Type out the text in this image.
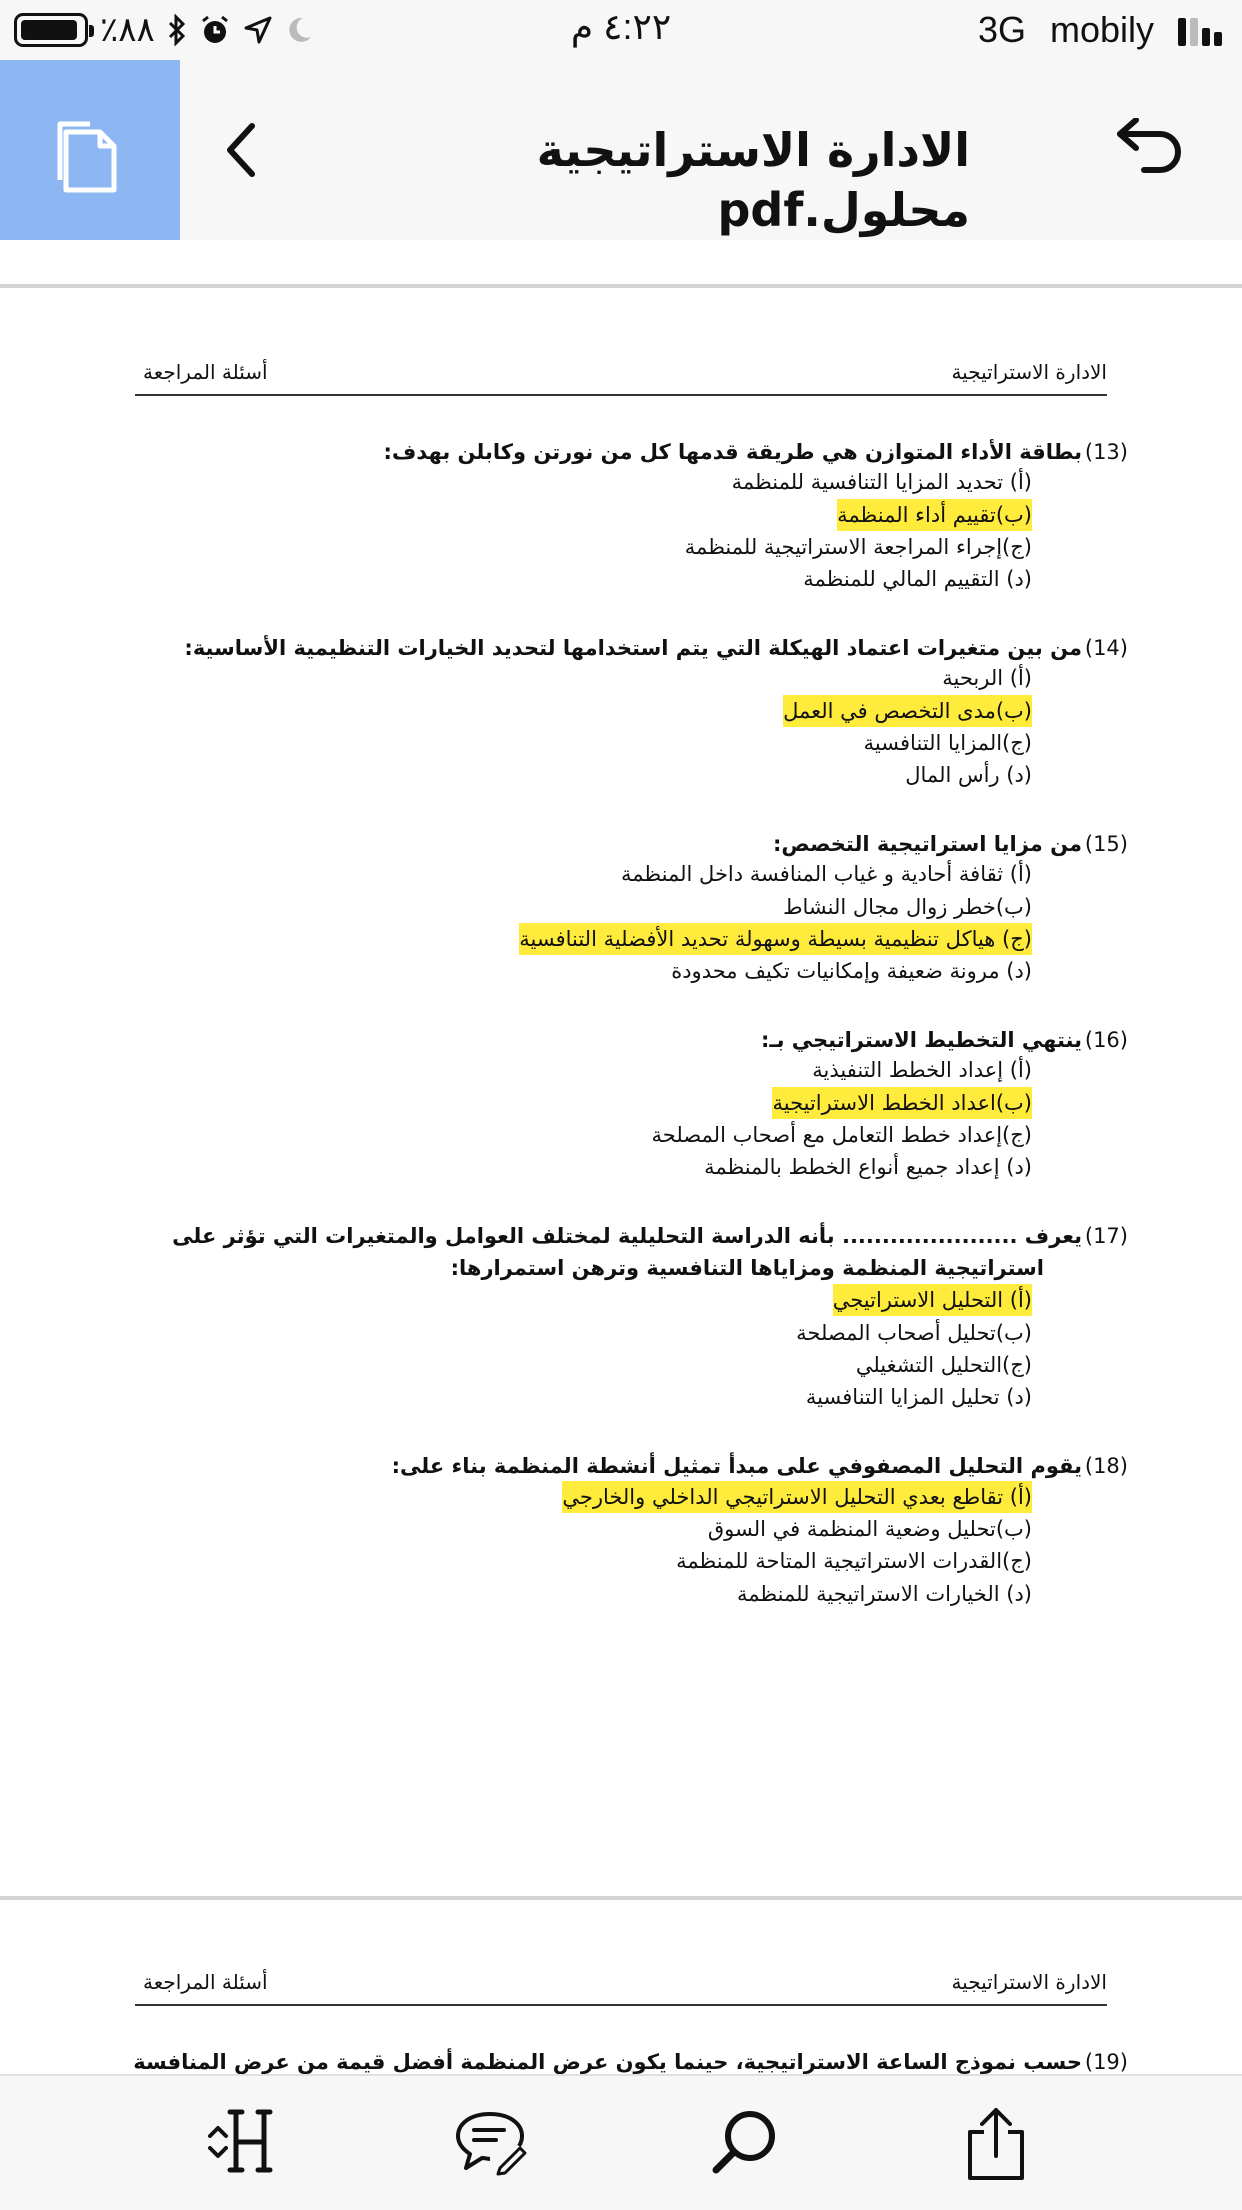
٪٨٨	٤:٢٢ م	3G mobily
الادارة الاستراتيجية محلول.pdf
الادارة الاستراتيجية
أسئلة المراجعة
(13)
بطاقة الأداء المتوازن هي طريقة قدمها كل من نورتن وكابلن بهدف:
(أ) تحديد المزايا التنافسية للمنظمة
(ب)تقييم أداء المنظمة
(ج)إجراء المراجعة الاستراتيجية للمنظمة
(د) التقييم المالي للمنظمة
(14)
من بين متغيرات اعتماد الهيكلة التي يتم استخدامها لتحديد الخيارات التنظيمية الأساسية:
(أ) الربحية
(ب)مدى التخصص في العمل
(ج)المزايا التنافسية
(د) رأس المال
(15)
من مزايا استراتيجية التخصص:
(أ) ثقافة أحادية و غياب المنافسة داخل المنظمة
(ب)خطر زوال مجال النشاط
(ج) هياكل تنظيمية بسيطة وسهولة تحديد الأفضلية التنافسية
(د) مرونة ضعيفة وإمكانيات تكيف محدودة
(16)
ينتهي التخطيط الاستراتيجي بـ:
(أ) إعداد الخطط التنفيذية
(ب)اعداد الخطط الاستراتيجية
(ج)إعداد خطط التعامل مع أصحاب المصلحة
(د) إعداد جميع أنواع الخطط بالمنظمة
(17)
يعرف ...................... بأنه الدراسة التحليلية لمختلف العوامل والمتغيرات التي تؤثر على
استراتيجية المنظمة ومزاياها التنافسية وترهن استمرارها:
(أ) التحليل الاستراتيجي
(ب)تحليل أصحاب المصلحة
(ج)التحليل التشغيلي
(د) تحليل المزايا التنافسية
(18)
يقوم التحليل المصفوفي على مبدأ تمثيل أنشطة المنظمة بناء على:
(أ) تقاطع بعدي التحليل الاستراتيجي الداخلي والخارجي
(ب)تحليل وضعية المنظمة في السوق
(ج)القدرات الاستراتيجية المتاحة للمنظمة
(د) الخيارات الاستراتيجية للمنظمة
الادارة الاستراتيجية
أسئلة المراجعة
(19)
حسب نموذج الساعة الاستراتيجية، حينما يكون عرض المنظمة أفضل قيمة من عرض المنافسة
